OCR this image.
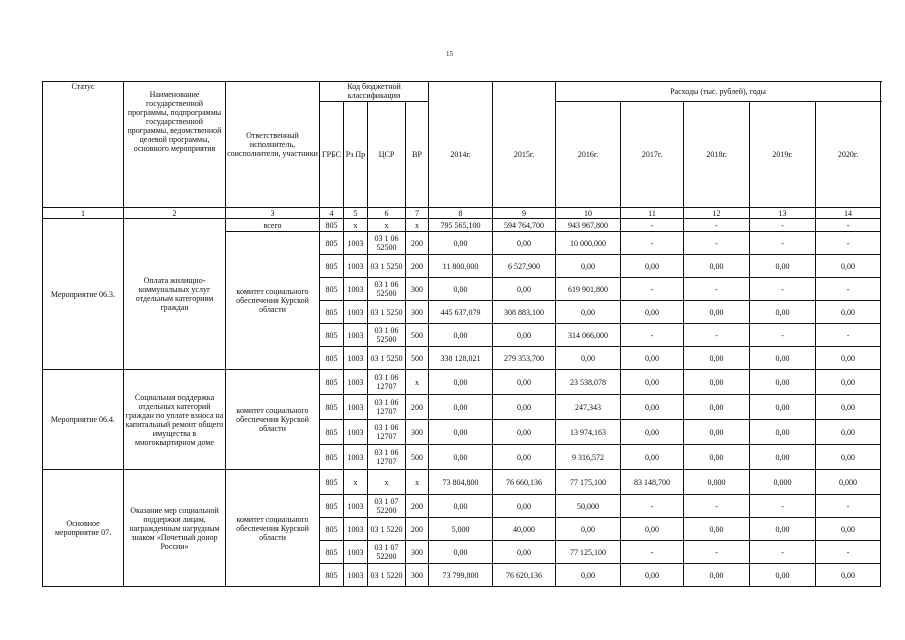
15
Статус	Наименование государственной программы, подпрограммы государственной программы, ведомственной целевой программы, основного мероприятия	Ответственный исполнитель, соисполнители, участники	Код бюджетной классификации						Расходы (тыс. рублей), годы				
			ГРБС	Рз Пр	ЦСР	ВР	2014г.	2015г.	2016г.	2017г.	2018г.	2019г.	2020г.
1	2	3	4	5	6	7	8	9	10	11	12	13	14
Мероприятие 06.3.	Оплата жилищно-коммунальных услуг отдельным категориям граждан	всего	805	х	х	х	795 565,100	594 764,700	943 967,800	-	-	-	-
		комитет социального обеспечения Курской области	805	1003	03 1 06 52500	200	0,00	0,00	10 000,000	-	-	-	-
			805	1003	03 1 5250	200	11 800,000	6 527,900	0,00	0,00	0,00	0,00	0,00
			805	1003	03 1 06 52500	300	0,00	0,00	619 901,800	-	-	-	-
			805	1003	03 1 5250	300	445 637,079	308 883,100	0,00	0,00	0,00	0,00	0,00
			805	1003	03 1 06 52500	500	0,00	0,00	314 066,000	-	-	-	-
			805	1003	03 1 5250	500	338 128,021	279 353,700	0,00	0,00	0,00	0,00	0,00
Мероприятие 06.4.	Социальная поддержка отдельных категорий граждан по уплате взноса на капитальный ремонт общего имущества в многоквартирном доме	комитет социального обеспечения Курской области	805	1003	03 1 06 12707	х	0,00	0,00	23 538,078	0,00	0,00	0,00	0,00
			805	1003	03 1 06 12707	200	0,00	0,00	247,343	0,00	0,00	0,00	0,00
			805	1003	03 1 06 12707	300	0,00	0,00	13 974,163	0,00	0,00	0,00	0,00
			805	1003	03 1 06 12707	500	0,00	0,00	9 316,572	0,00	0,00	0,00	0,00
Основное мероприятие 07.	Оказание мер социальной поддержки лицам, награжденным нагрудным знаком «Почетный донор России»	комитет социального обеспечения Курской области	805	х	х	х	73 804,800	76 660,136	77 175,100	83 148,700	0,000	0,000	0,000
			805	1003	03 1 07 52200	200	0,00	0,00	50,000	-	-	-	-
			805	1003	03 1 5220	200	5,000	40,000	0,00	0,00	0,00	0,00	0,00
			805	1003	03 1 07 52200	300	0,00	0,00	77 125,100	-	-	-	-
			805	1003	03 1 5220	300	73 799,800	76 620,136	0,00	0,00	0,00	0,00	0,00
